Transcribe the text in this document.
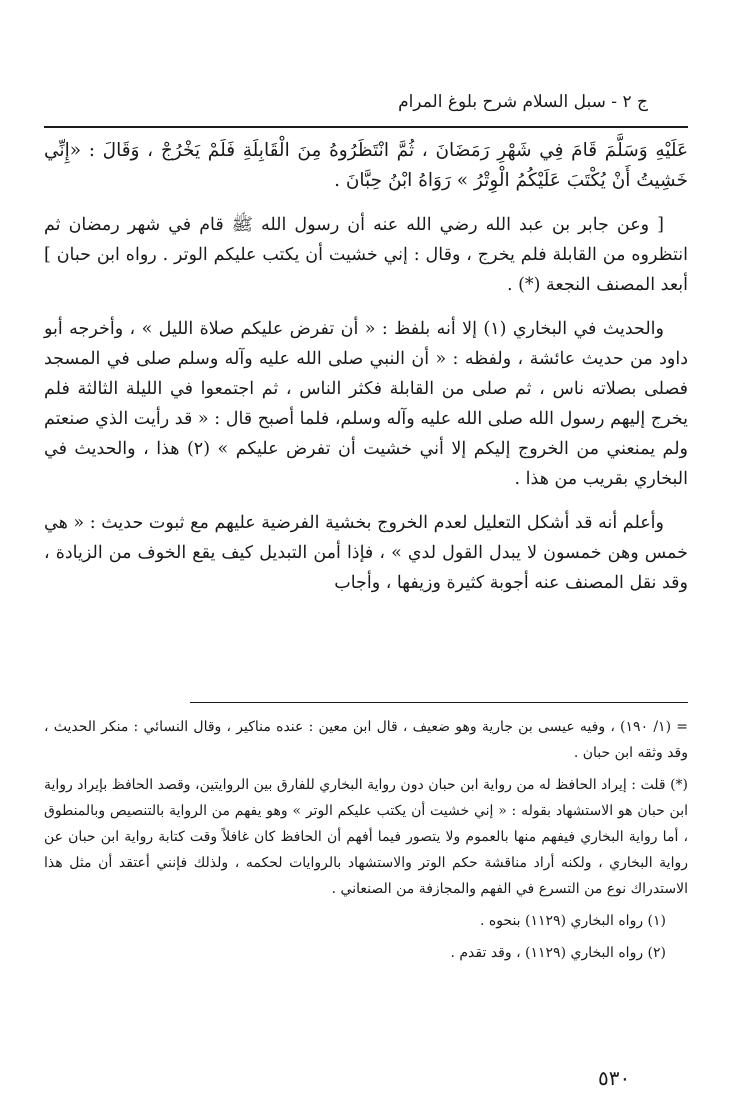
ج ٢ - سبل السلام شرح بلوغ المرام

عَلَيْهِ وَسَلَّمَ قَامَ فِي شَهْرِ رَمَضَانَ ، ثُمَّ انْتَظَرُوهُ مِنَ الْقَابِلَةِ فَلَمْ يَخْرُجْ ، وَقَالَ : «إِنِّي خَشِيتُ أَنْ يُكْتَبَ عَلَيْكُمُ الْوِتْرُ » رَوَاهُ ابْنُ حِبَّانَ .

[ وعن جابر بن عبد الله رضي الله عنه أن رسول الله ﷺ قام في شهر رمضان ثم انتظروه من القابلة فلم يخرج ، وقال : إني خشيت أن يكتب عليكم الوتر . رواه ابن حبان ] أبعد المصنف النجعة (*) .

والحديث في البخاري (١) إلا أنه بلفظ : « أن تفرض عليكم صلاة الليل » ، وأخرجه أبو داود من حديث عائشة ، ولفظه : « أن النبي صلى الله عليه وآله وسلم صلى في المسجد فصلى بصلاته ناس ، ثم صلى من القابلة فكثر الناس ، ثم اجتمعوا في الليلة الثالثة فلم يخرج إليهم رسول الله صلى الله عليه وآله وسلم، فلما أصبح قال : « قد رأيت الذي صنعتم ولم يمنعني من الخروج إليكم إلا أني خشيت أن تفرض عليكم » (٢) هذا ، والحديث في البخاري بقريب من هذا .

وأعلم أنه قد أشكل التعليل لعدم الخروج بخشية الفرضية عليهم مع ثبوت حديث : « هي خمس وهن خمسون لا يبدل القول لدي » ، فإذا أمن التبديل كيف يقع الخوف من الزيادة ، وقد نقل المصنف عنه أجوبة كثيرة وزيفها ، وأجاب

= (١/ ١٩٠) ، وفيه عيسى بن جارية وهو ضعيف ، قال ابن معين : عنده مناكير ، وقال النسائي : منكر الحديث ، وقد وثقه ابن حبان .

(*) قلت : إيراد الحافظ له من رواية ابن حبان دون رواية البخاري للفارق بين الروايتين، وقصد الحافظ بإيراد رواية ابن حبان هو الاستشهاد بقوله : « إني خشيت أن يكتب عليكم الوتر » وهو يفهم من الرواية بالتنصيص وبالمنطوق ، أما رواية البخاري فيفهم منها بالعموم ولا يتصور فيما أفهم أن الحافظ كان غافلاً وقت كتابة رواية ابن حبان عن رواية البخاري ، ولكنه أراد مناقشة حكم الوتر والاستشهاد بالروايات لحكمه ، ولذلك فإنني أعتقد أن مثل هذا الاستدراك نوع من التسرع في الفهم والمجازفة من الصنعاني .

(١) رواه البخاري (١١٢٩) بنحوه .

(٢) رواه البخاري (١١٢٩) ، وقد تقدم .

٥٣٠
